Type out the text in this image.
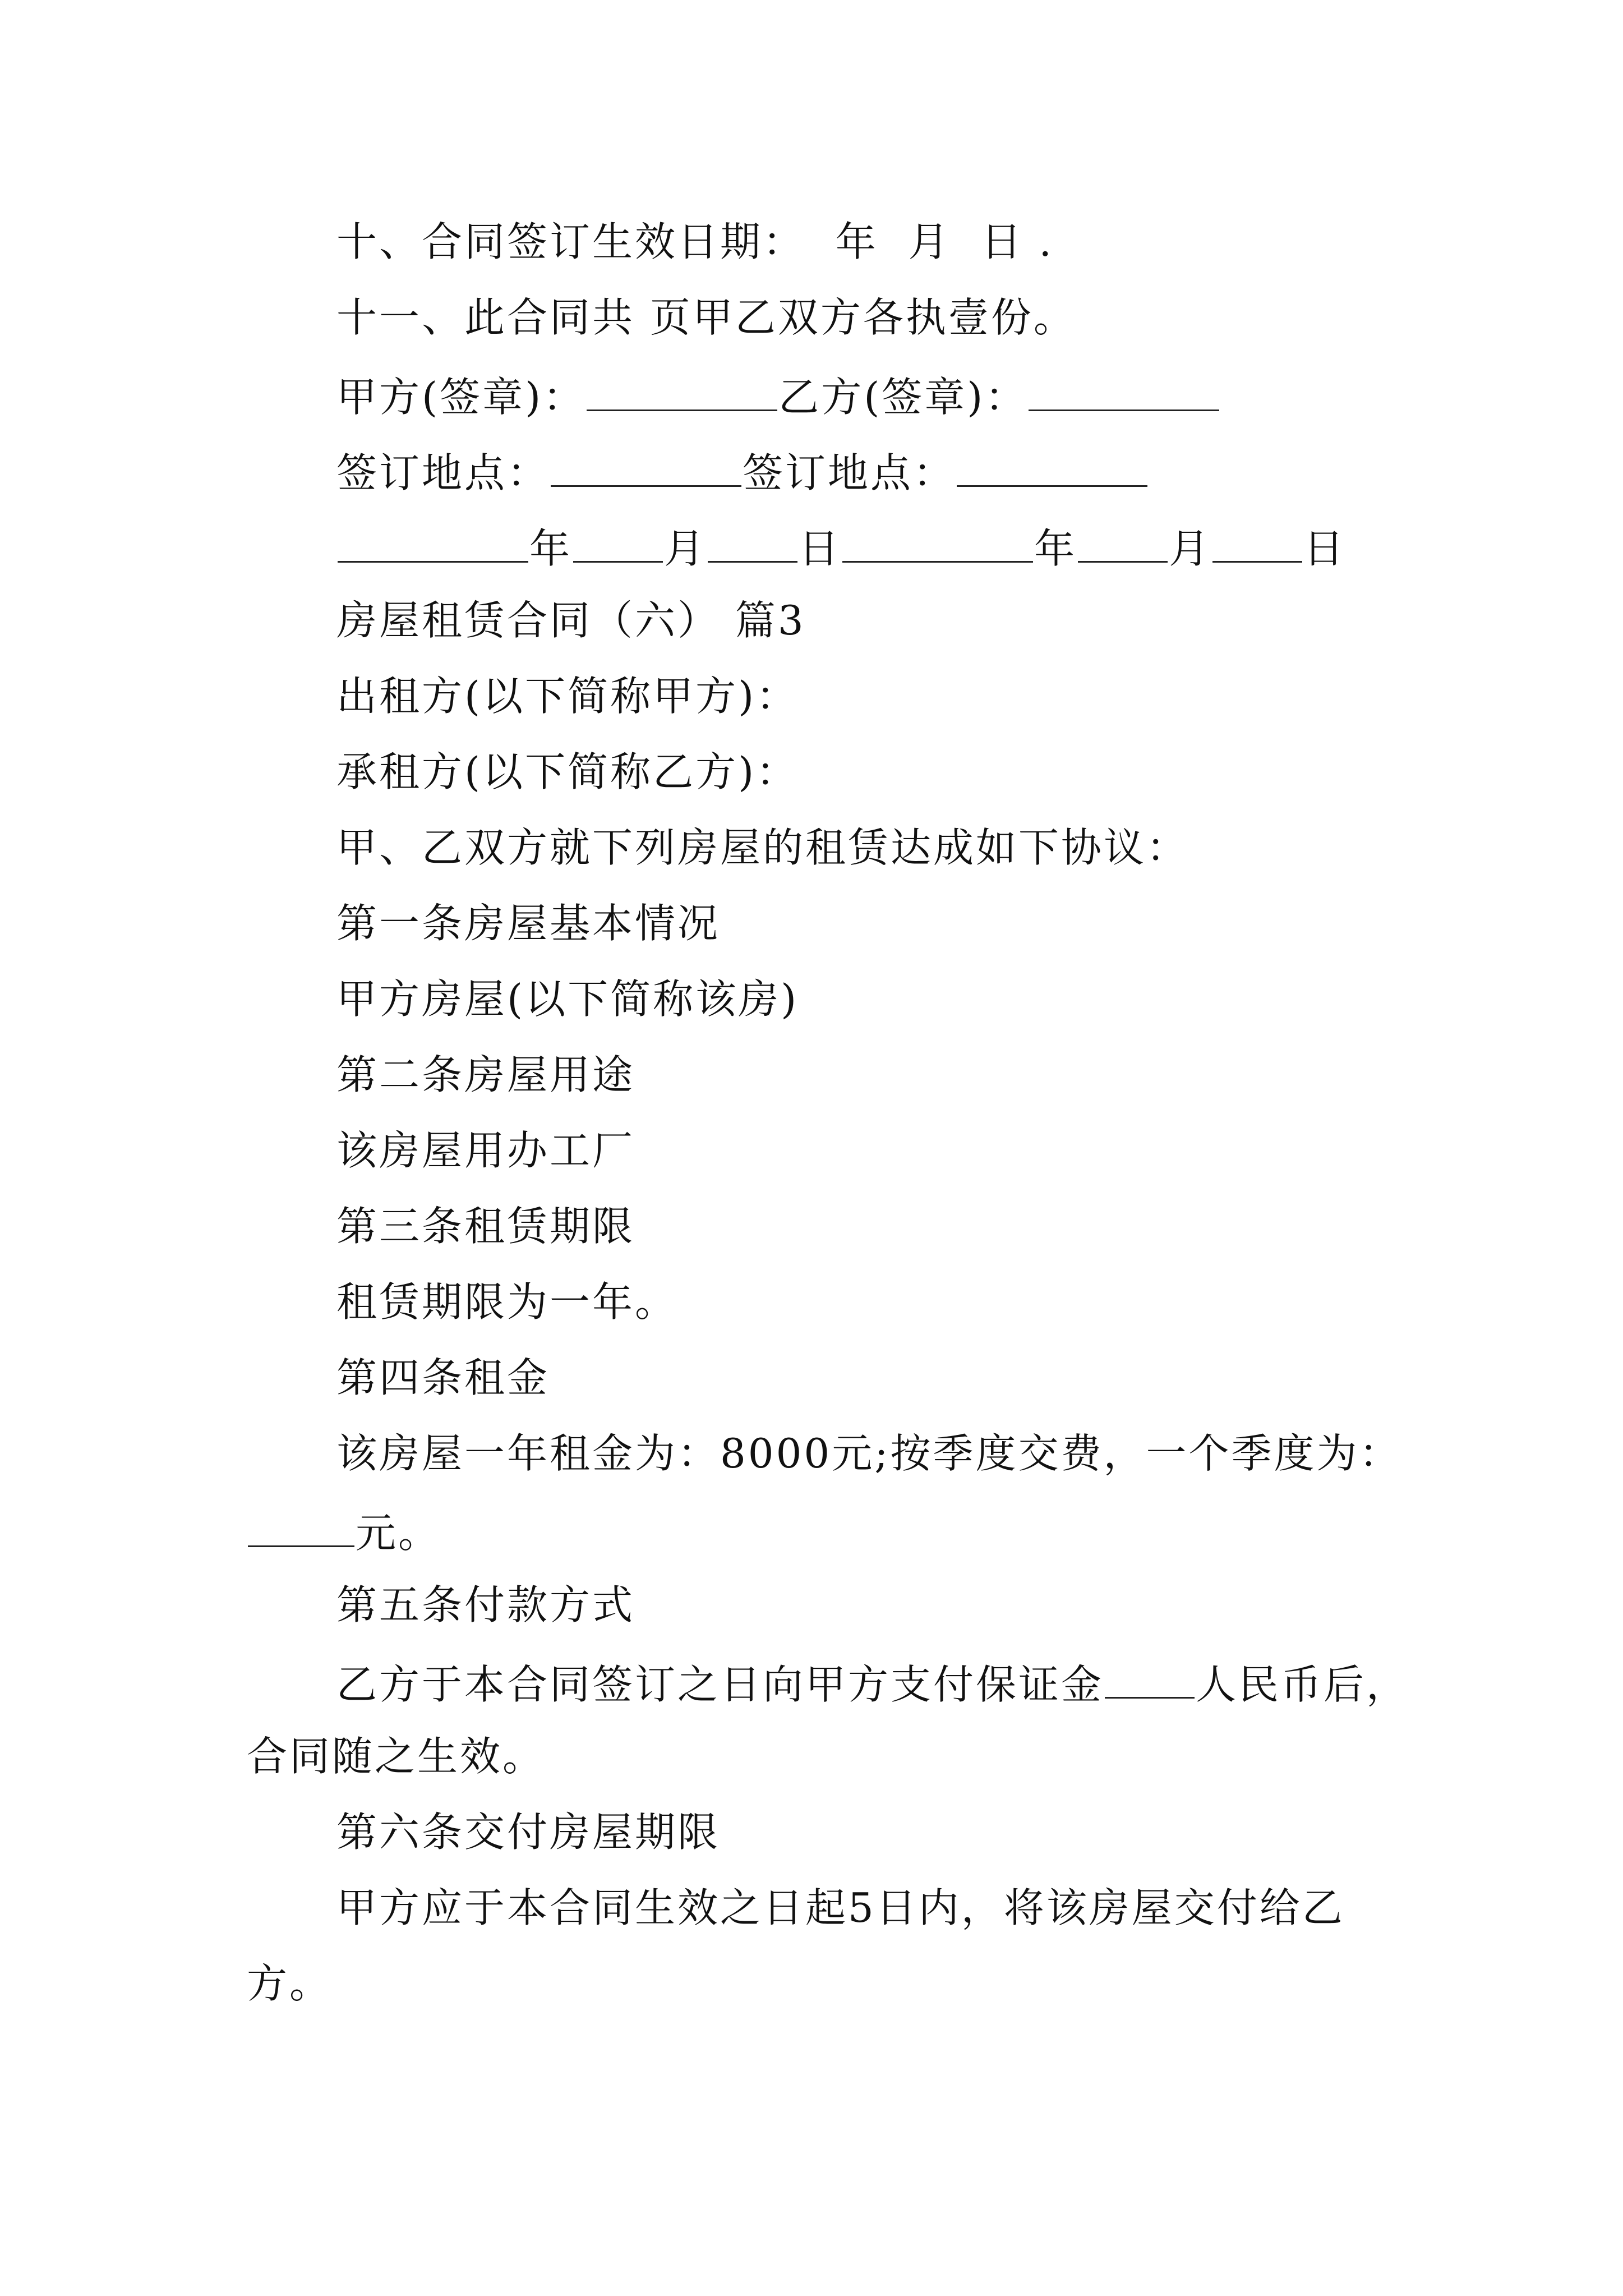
十、合同签订生效日期：  年  月  日 .
十一、此合同共 页甲乙双方各执壹份。
甲方(签章)：	乙方(签章)：
签订地点：	签订地点：
年 月 日	年 月 日
房屋租赁合同（六） 篇3
出租方(以下简称甲方)：
承租方(以下简称乙方)：
甲、乙双方就下列房屋的租赁达成如下协议：
第一条房屋基本情况
甲方房屋(以下简称该房)
第二条房屋用途
该房屋用办工厂
第三条租赁期限
租赁期限为一年。
第四条租金
该房屋一年租金为：8000元;按季度交费，一个季度为：
元。
第五条付款方式
乙方于本合同签订之日向甲方支付保证金 人民币后，
合同随之生效。
第六条交付房屋期限
甲方应于本合同生效之日起5日内，将该房屋交付给乙
方。
